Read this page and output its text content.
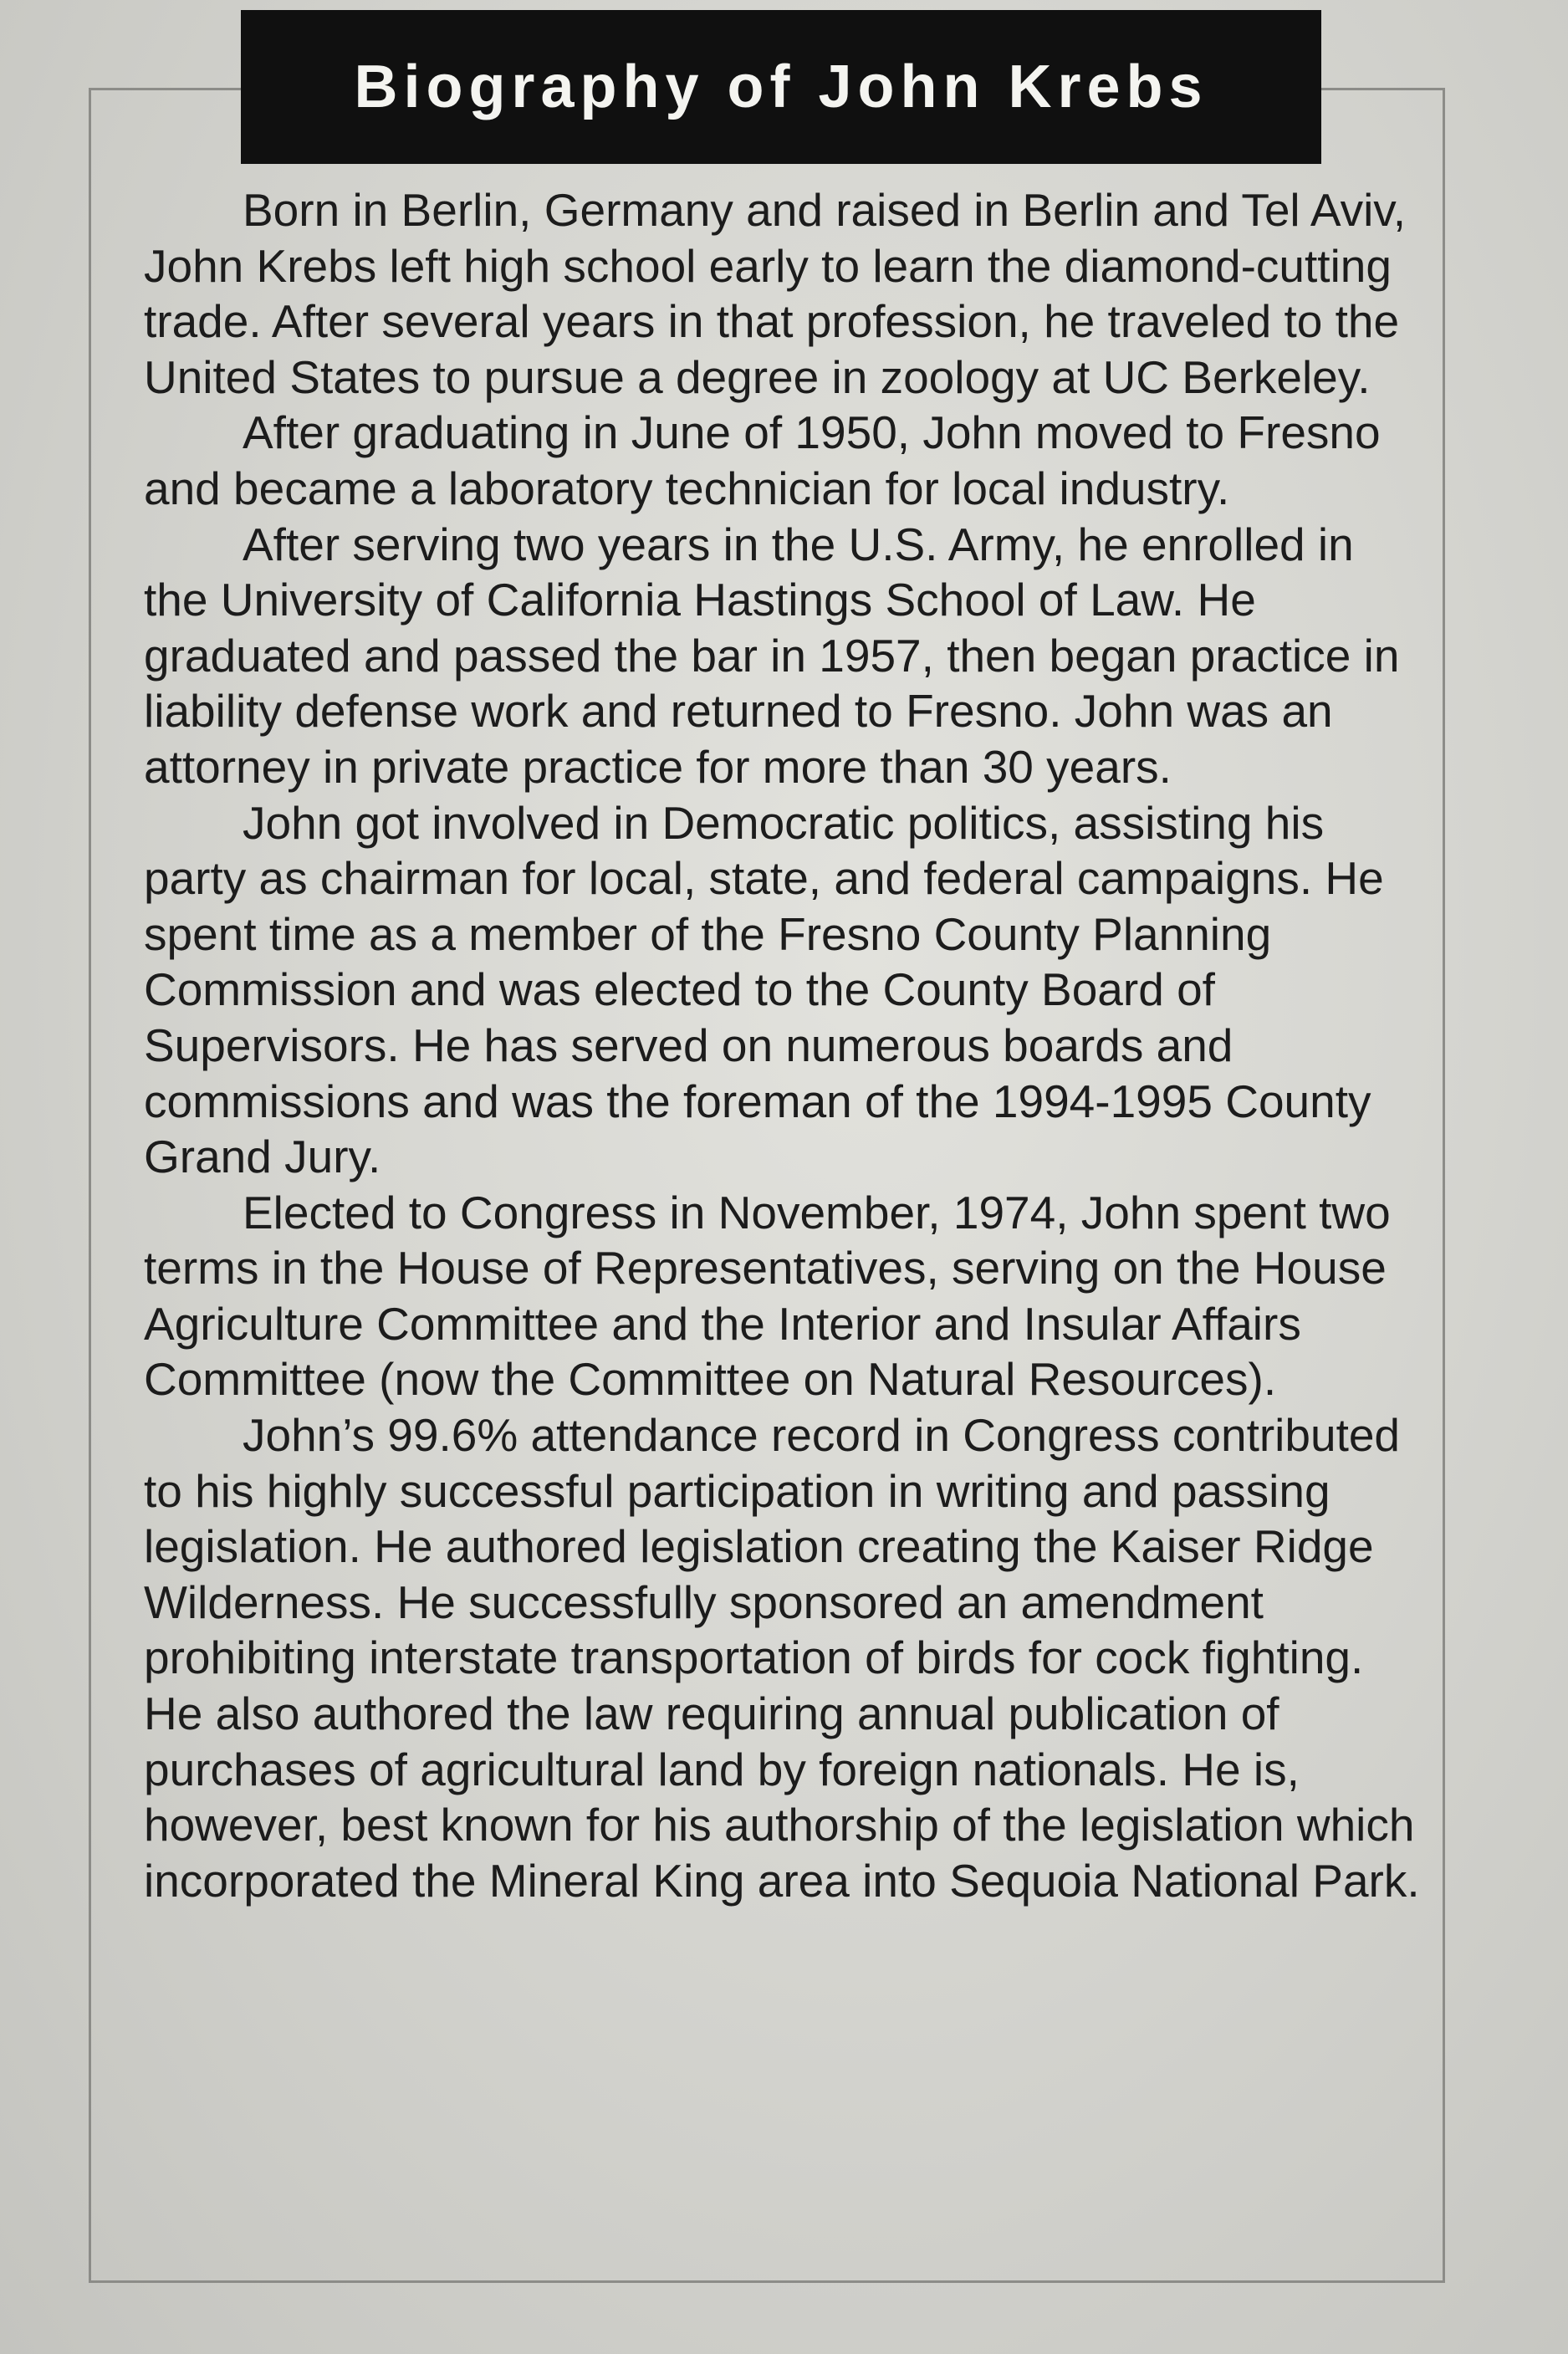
Biography of John Krebs

Born in Berlin, Germany and raised in Berlin and Tel Aviv, John Krebs left high school early to learn the diamond-cutting trade. After several years in that profession, he traveled to the United States to pursue a degree in zoology at UC Berkeley.

After graduating in June of 1950, John moved to Fresno and became a laboratory technician for local industry.

After serving two years in the U.S. Army, he enrolled in the University of California Hastings School of Law. He graduated and passed the bar in 1957, then began practice in liability defense work and returned to Fresno. John was an attorney in private practice for more than 30 years.

John got involved in Democratic politics, assisting his party as chairman for local, state, and federal campaigns. He spent time as a member of the Fresno County Planning Commission and was elected to the County Board of Supervisors. He has served on numerous boards and commissions and was the foreman of the 1994-1995 County Grand Jury.

Elected to Congress in November, 1974, John spent two terms in the House of Representatives, serving on the House Agriculture Committee and the Interior and Insular Affairs Committee (now the Committee on Natural Resources).

John’s 99.6% attendance record in Congress contributed to his highly successful participation in writing and passing legislation. He authored legislation creating the Kaiser Ridge Wilderness. He successfully sponsored an amendment prohibiting interstate transportation of birds for cock fighting. He also authored the law requiring annual publication of purchases of agricultural land by foreign nationals. He is, however, best known for his authorship of the legislation which incorporated the Mineral King area into Sequoia National Park.
